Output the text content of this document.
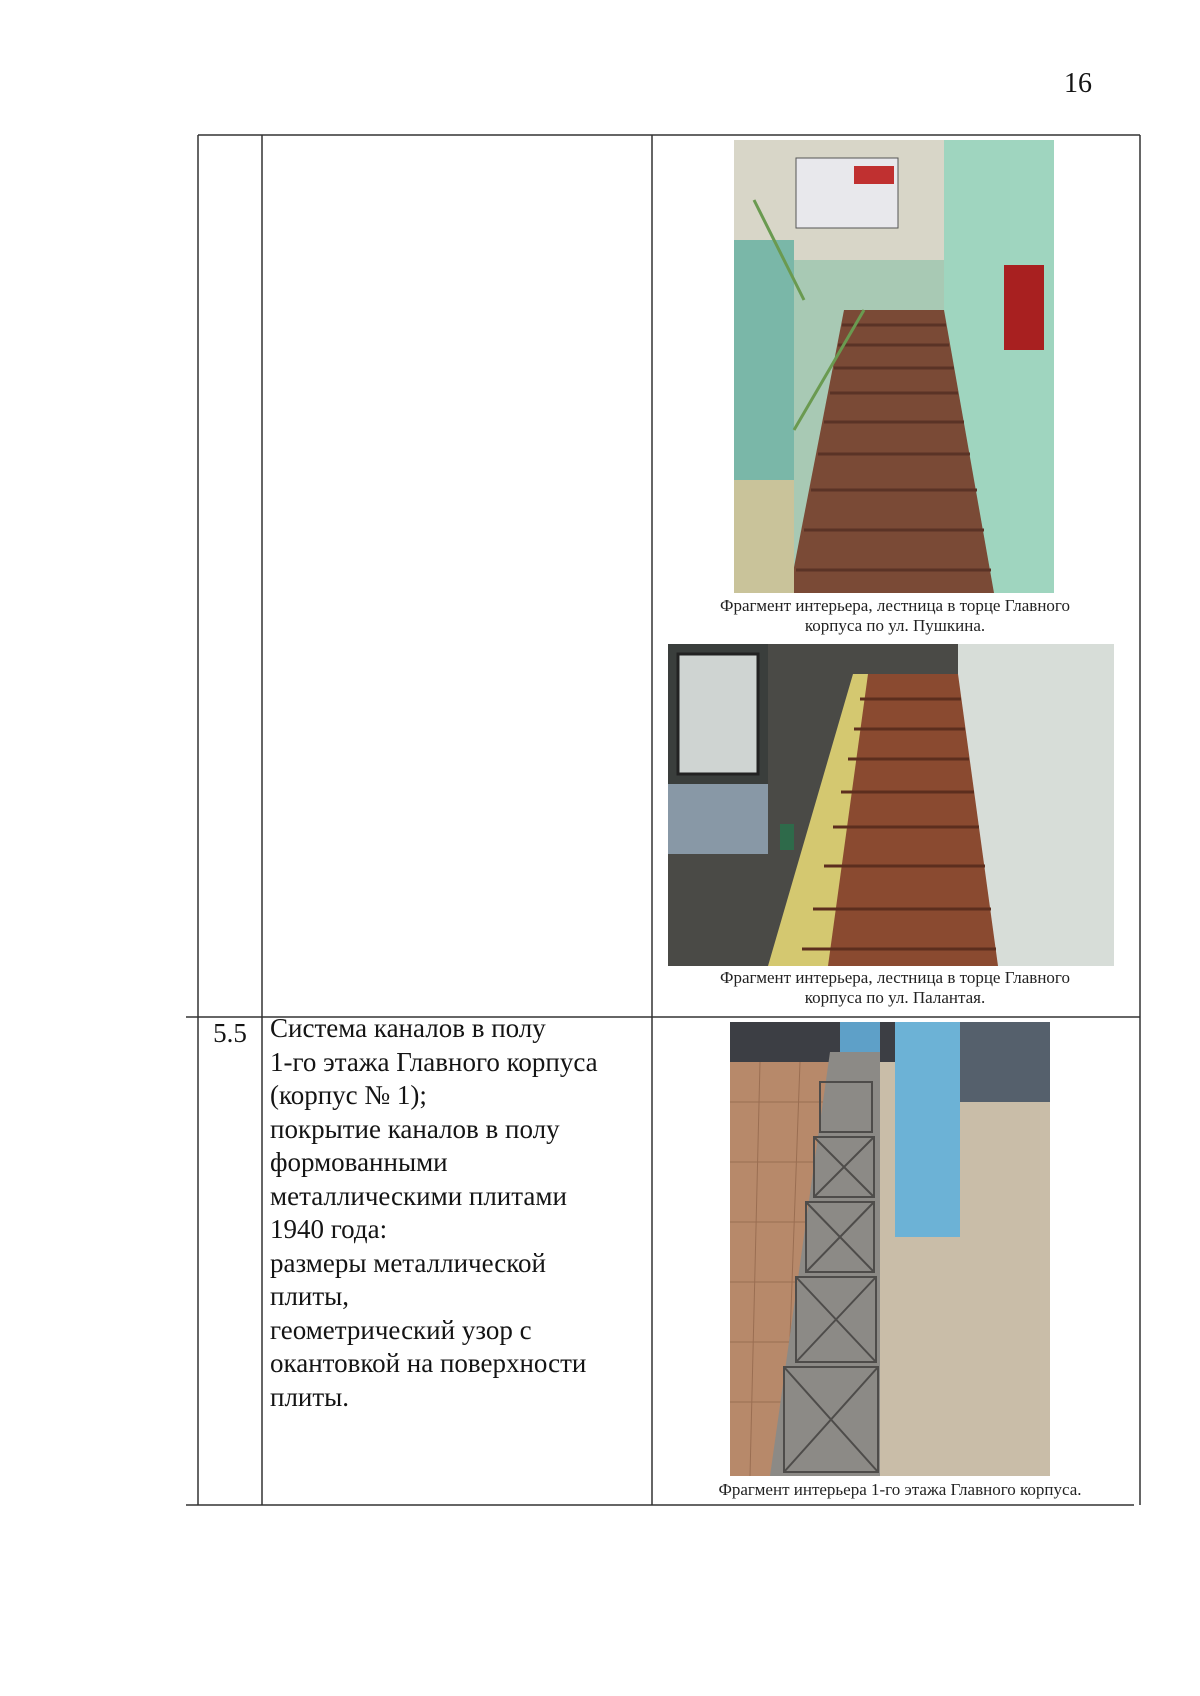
16
Фрагмент интерьера, лестница в торце Главного
корпуса по ул. Пушкина.
Фрагмент интерьера, лестница в торце Главного
корпуса по ул. Палантая.
5.5 Система каналов в полу
1-го этажа Главного корпуса
(корпус № 1);
покрытие каналов в полу
формованными
металлическими плитами
1940 года:
размеры металлической
плиты,
геометрический узор с
окантовкой на поверхности
плиты.
Фрагмент интерьера 1-го этажа Главного корпуса.
